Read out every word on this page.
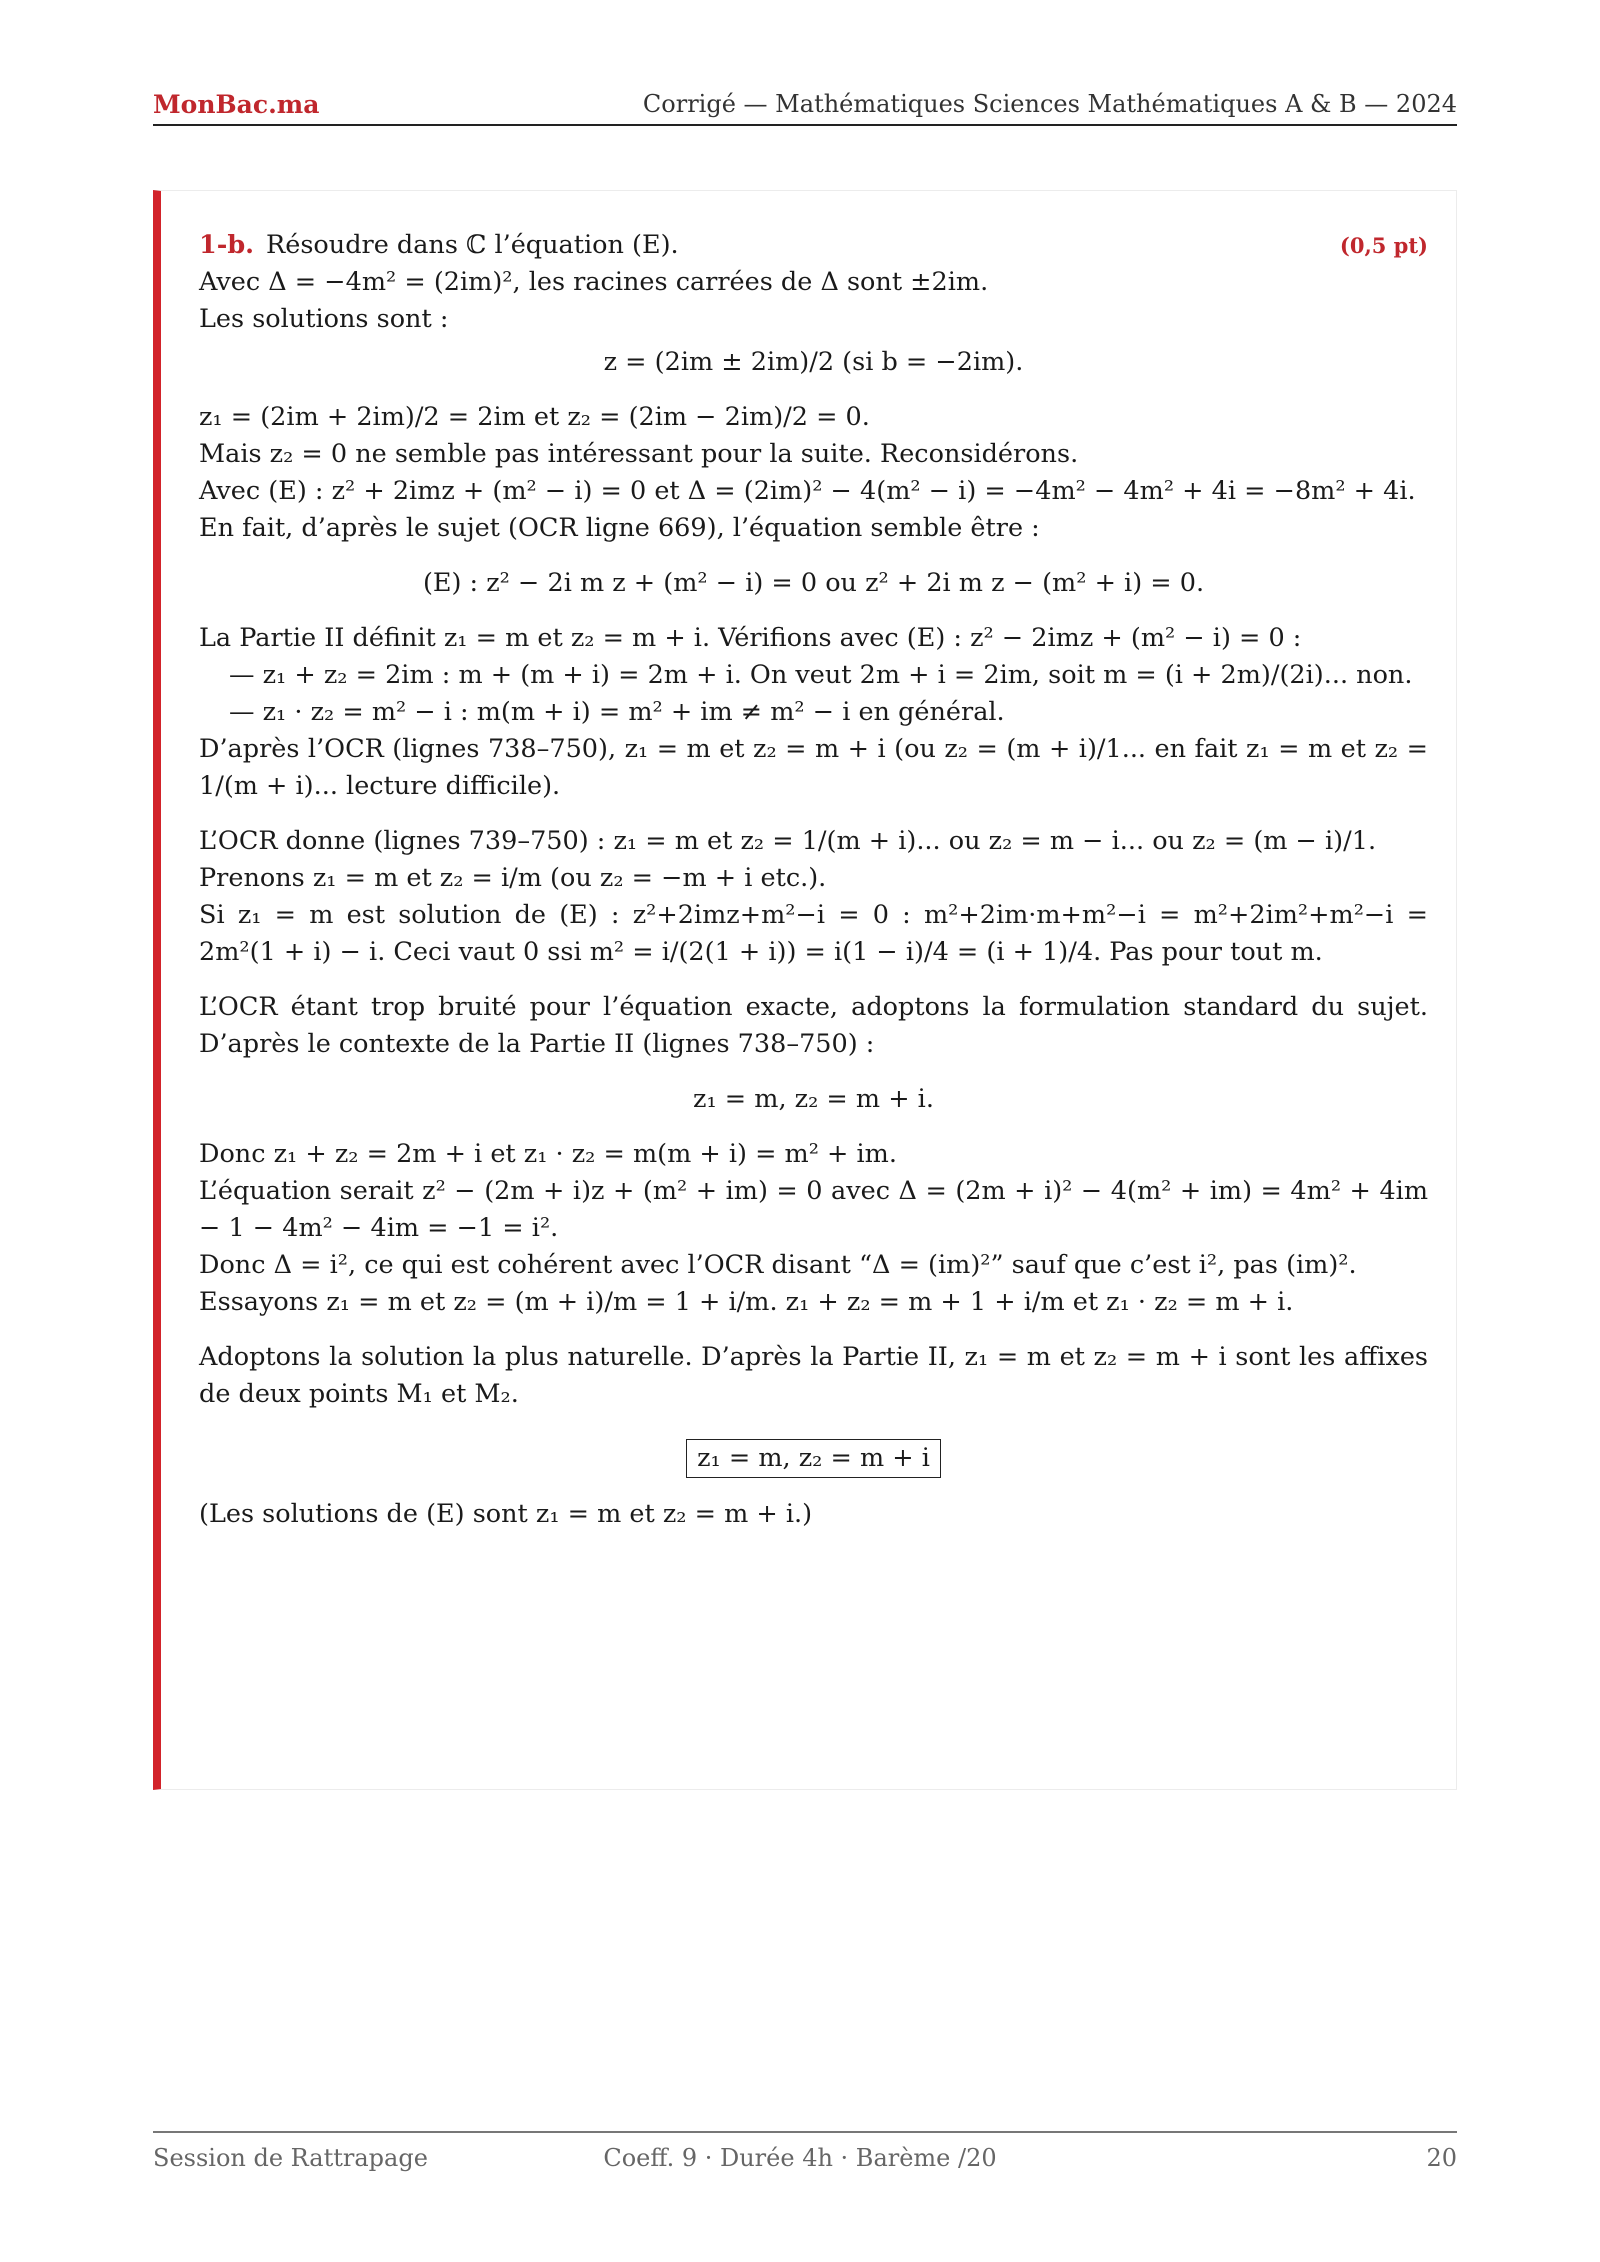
MonBac.ma	Corrigé — Mathématiques Sciences Mathématiques A & B — 2024
1-b. Résoudre dans ℂ l’équation (E).	(0,5 pt)

Avec Δ = −4m² = (2im)², les racines carrées de Δ sont ±2im.

Les solutions sont :

z = (2im ± 2im)/2 (si b = −2im).

z₁ = (2im + 2im)/2 = 2im et z₂ = (2im − 2im)/2 = 0.

Mais z₂ = 0 ne semble pas intéressant pour la suite. Reconsidérons.

Avec (E) : z² + 2imz + (m² − i) = 0 et Δ = (2im)² − 4(m² − i) = −4m² − 4m² + 4i = −8m² + 4i.

En fait, d’après le sujet (OCR ligne 669), l’équation semble être :

(E) : z² − 2i m z + (m² − i) = 0 ou z² + 2i m z − (m² + i) = 0.

La Partie II définit z₁ = m et z₂ = m + i. Vérifions avec (E) : z² − 2imz + (m² − i) = 0 :

— z₁ + z₂ = 2im : m + (m + i) = 2m + i. On veut 2m + i = 2im, soit m = (i + 2m)/(2i)... non.

— z₁ · z₂ = m² − i : m(m + i) = m² + im ≠ m² − i en général.

D’après l’OCR (lignes 738–750), z₁ = m et z₂ = m + i (ou z₂ = (m + i)/1... en fait z₁ = m et z₂ = 1/(m + i)... lecture difficile).

L’OCR donne (lignes 739–750) : z₁ = m et z₂ = 1/(m + i)... ou z₂ = m − i... ou z₂ = (m − i)/1.

Prenons z₁ = m et z₂ = i/m (ou z₂ = −m + i etc.).

Si z₁ = m est solution de (E) : z²+2imz+m²−i = 0 : m²+2im·m+m²−i = m²+2im²+m²−i = 2m²(1 + i) − i. Ceci vaut 0 ssi m² = i/(2(1 + i)) = i(1 − i)/4 = (i + 1)/4. Pas pour tout m.

L’OCR étant trop bruité pour l’équation exacte, adoptons la formulation standard du sujet. D’après le contexte de la Partie II (lignes 738–750) :

z₁ = m, z₂ = m + i.

Donc z₁ + z₂ = 2m + i et z₁ · z₂ = m(m + i) = m² + im.

L’équation serait z² − (2m + i)z + (m² + im) = 0 avec Δ = (2m + i)² − 4(m² + im) = 4m² + 4im − 1 − 4m² − 4im = −1 = i².

Donc Δ = i², ce qui est cohérent avec l’OCR disant “Δ = (im)²” sauf que c’est i², pas (im)².

Essayons z₁ = m et z₂ = (m + i)/m = 1 + i/m. z₁ + z₂ = m + 1 + i/m et z₁ · z₂ = m + i.

Adoptons la solution la plus naturelle. D’après la Partie II, z₁ = m et z₂ = m + i sont les affixes de deux points M₁ et M₂.

z₁ = m, z₂ = m + i

(Les solutions de (E) sont z₁ = m et z₂ = m + i.)

Session de Rattrapage	Coeff. 9 · Durée 4h · Barème /20	20
